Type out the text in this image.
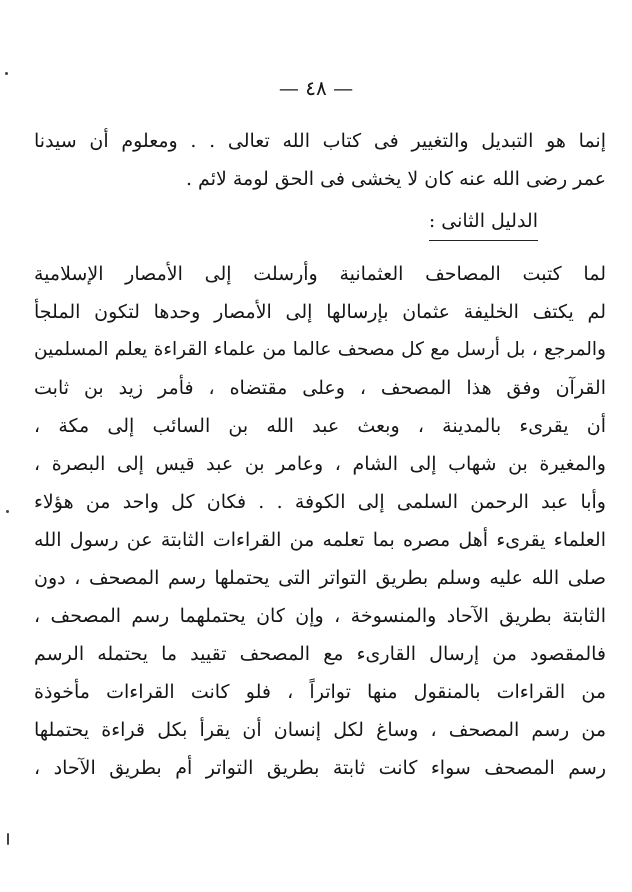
— ٤٨ —
إنما هو التبديل والتغيير فى كتاب الله تعالى . . ومعلوم أن سيدنا
عمر رضى الله عنه كان لا يخشى فى الحق لومة لائم .
الدليل الثانى :
لما كتبت المصاحف العثمانية وأرسلت إلى الأمصار الإسلامية
لم يكتف الخليفة عثمان بإرسالها إلى الأمصار وحدها لتكون الملجأ
والمرجع ، بل أرسل مع كل مصحف عالما من علماء القراءة يعلم المسلمين
القرآن وفق هذا المصحف ، وعلى مقتضاه ، فأمر زيد بن ثابت
أن يقرىء بالمدينة ، وبعث عبد الله بن السائب إلى مكة ،
والمغيرة بن شهاب إلى الشام ، وعامر بن عبد قيس إلى البصرة ،
وأبا عبد الرحمن السلمى إلى الكوفة . . فكان كل واحد من هؤلاء
العلماء يقرىء أهل مصره بما تعلمه من القراءات الثابتة عن رسول الله
صلى الله عليه وسلم بطريق التواتر التى يحتملها رسم المصحف ، دون
الثابتة بطريق الآحاد والمنسوخة ، وإن كان يحتملهما رسم المصحف ،
فالمقصود من إرسال القارىء مع المصحف تقييد ما يحتمله الرسم
من القراءات بالمنقول منها تواتراً ، فلو كانت القراءات مأخوذة
من رسم المصحف ، وساغ لكل إنسان أن يقرأ بكل قراءة يحتملها
رسم المصحف سواء كانت ثابتة بطريق التواتر أم بطريق الآحاد ،
